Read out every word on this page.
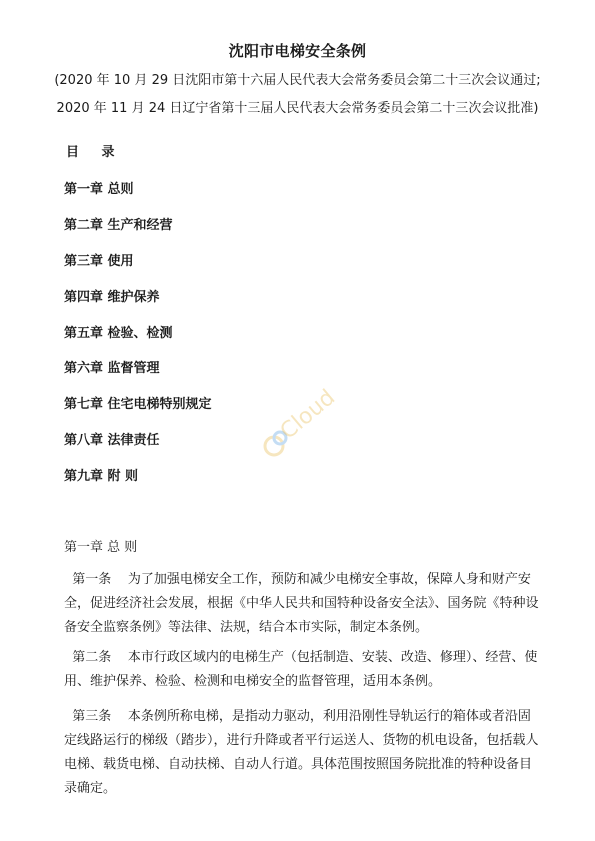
沈阳市电梯安全条例
(2020 年 10 月 29 日沈阳市第十六届人民代表大会常务委员会第二十三次会议通过;
2020 年 11 月 24 日辽宁省第十三届人民代表大会常务委员会第二十三次会议批准)
目 录
第一章 总则
第二章 生产和经营
第三章 使用
第四章 维护保养
第五章 检验、检测
第六章 监督管理
第七章 住宅电梯特别规定
第八章 法律责任
第九章 附 则
Cloud
第一章 总 则
第一条 为了加强电梯安全工作，预防和减少电梯安全事故，保障人身和财产安全，促进经济社会发展，根据《中华人民共和国特种设备安全法》、国务院《特种设备安全监察条例》等法律、法规，结合本市实际，制定本条例。
第二条 本市行政区域内的电梯生产（包括制造、安装、改造、修理）、经营、使用、维护保养、检验、检测和电梯安全的监督管理，适用本条例。
第三条 本条例所称电梯，是指动力驱动，利用沿刚性导轨运行的箱体或者沿固定线路运行的梯级（踏步），进行升降或者平行运送人、货物的机电设备，包括载人电梯、载货电梯、自动扶梯、自动人行道。具体范围按照国务院批准的特种设备目录确定。
